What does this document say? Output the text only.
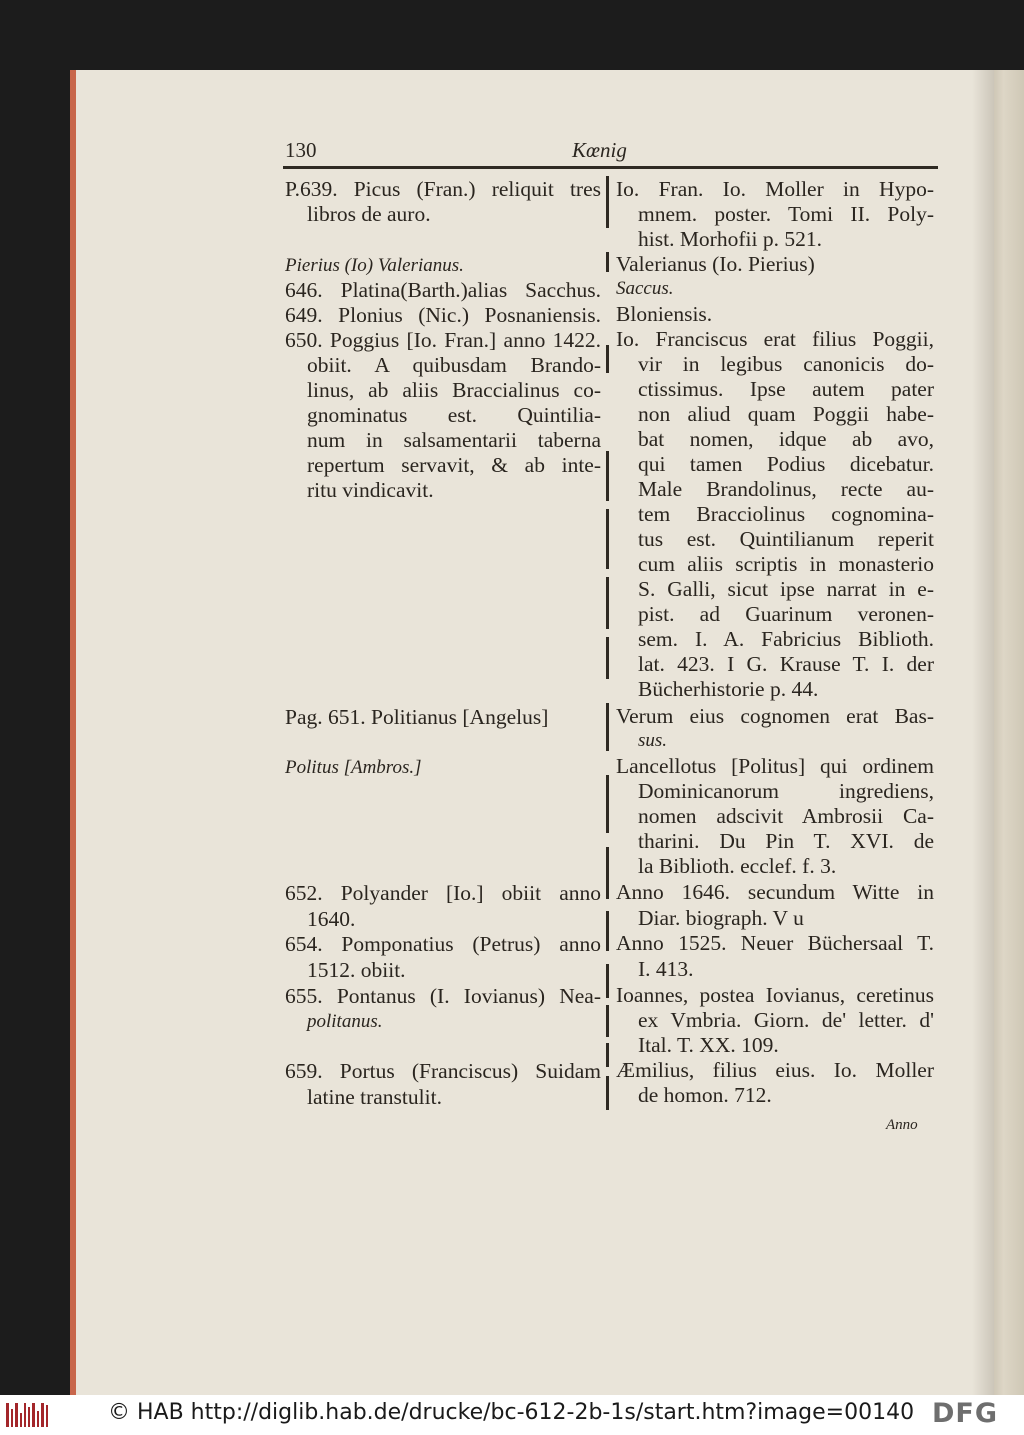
130	Kœnig
P.639. Picus (Fran.) reliquit tres
libros de auro.
Pierius (Io) Valerianus.
646. Platina(Barth.)alias Sacchus.
649. Plonius (Nic.) Posnaniensis.
650. Poggius [Io. Fran.] anno 1422.
obiit. A quibusdam Brando-
linus, ab aliis Braccialinus co-
gnominatus est. Quintilia-
num in salsamentarii taberna
repertum servavit, & ab inte-
ritu vindicavit.
Pag. 651. Politianus [Angelus]
Politus [Ambros.]
652. Polyander [Io.] obiit anno
1640.
654. Pomponatius (Petrus) anno
1512. obiit.
655. Pontanus (I. Iovianus) Nea-
politanus.
659. Portus (Franciscus) Suidam
latine transtulit.
Io. Fran. Io. Moller in Hypo-
mnem. poster. Tomi II. Poly-
hist. Morhofii p. 521.
Valerianus (Io. Pierius)
Saccus.
Bloniensis.
Io. Franciscus erat filius Poggii,
vir in legibus canonicis do-
ctissimus. Ipse autem pater
non aliud quam Poggii habe-
bat nomen, idque ab avo,
qui tamen Podius dicebatur.
Male Brandolinus, recte au-
tem Bracciolinus cognomina-
tus est. Quintilianum reperit
cum aliis scriptis in monasterio
S. Galli, sicut ipse narrat in e-
pist. ad Guarinum veronen-
sem. I. A. Fabricius Biblioth.
lat. 423. I G. Krause T. I. der
Bücherhistorie p. 44.
Verum eius cognomen erat Bas-
sus.
Lancellotus [Politus] qui ordinem
Dominicanorum ingrediens,
nomen adscivit Ambrosii Ca-
tharini. Du Pin T. XVI. de
la Biblioth. ecclef. f. 3.
Anno 1646. secundum Witte in
Diar. biograph. V u
Anno 1525. Neuer Büchersaal T.
I. 413.
Ioannes, postea Iovianus, ceretinus
ex Vmbria. Giorn. de' letter. d'
Ital. T. XX. 109.
Æmilius, filius eius. Io. Moller
de homon. 712.
Anno
© HAB http://diglib.hab.de/drucke/bc-612-2b-1s/start.htm?image=00140 DFG
